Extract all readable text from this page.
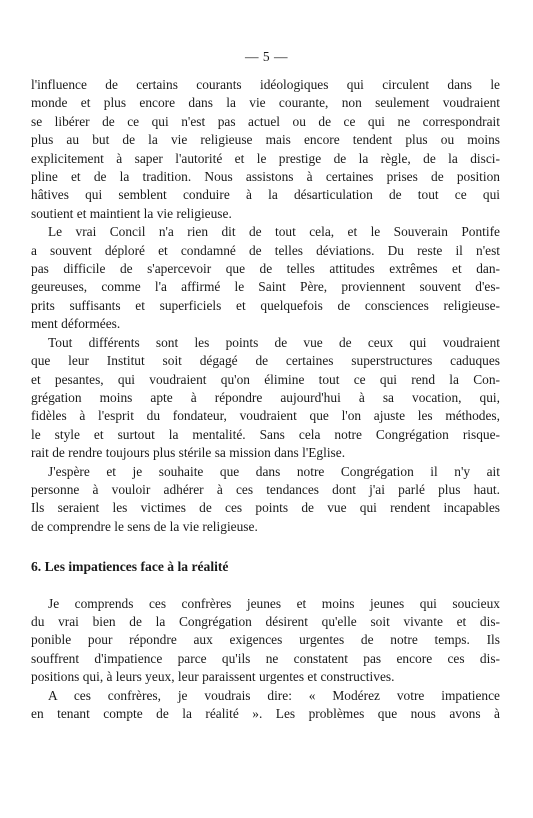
— 5 —

l'influence de certains courants idéologiques qui circulent dans le
monde et plus encore dans la vie courante, non seulement voudraient
se libérer de ce qui n'est pas actuel ou de ce qui ne correspondrait
plus au but de la vie religieuse mais encore tendent plus ou moins
explicitement à saper l'autorité et le prestige de la règle, de la disci-
pline et de la tradition. Nous assistons à certaines prises de position
hâtives qui semblent conduire à la désarticulation de tout ce qui
soutient et maintient la vie religieuse.

Le vrai Concil n'a rien dit de tout cela, et le Souverain Pontife
a souvent déploré et condamné de telles déviations. Du reste il n'est
pas difficile de s'apercevoir que de telles attitudes extrêmes et dan-
geureuses, comme l'a affirmé le Saint Père, proviennent souvent d'es-
prits suffisants et superficiels et quelquefois de consciences religieuse-
ment déformées.

Tout différents sont les points de vue de ceux qui voudraient
que leur Institut soit dégagé de certaines superstructures caduques
et pesantes, qui voudraient qu'on élimine tout ce qui rend la Con-
grégation moins apte à répondre aujourd'hui à sa vocation, qui,
fidèles à l'esprit du fondateur, voudraient que l'on ajuste les méthodes,
le style et surtout la mentalité. Sans cela notre Congrégation risque-
rait de rendre toujours plus stérile sa mission dans l'Eglise.

J'espère et je souhaite que dans notre Congrégation il n'y ait
personne à vouloir adhérer à ces tendances dont j'ai parlé plus haut.
Ils seraient les victimes de ces points de vue qui rendent incapables
de comprendre le sens de la vie religieuse.

6. Les impatiences face à la réalité

Je comprends ces confrères jeunes et moins jeunes qui soucieux
du vrai bien de la Congrégation désirent qu'elle soit vivante et dis-
ponible pour répondre aux exigences urgentes de notre temps. Ils
souffrent d'impatience parce qu'ils ne constatent pas encore ces dis-
positions qui, à leurs yeux, leur paraissent urgentes et constructives.

A ces confrères, je voudrais dire: « Modérez votre impatience
en tenant compte de la réalité ». Les problèmes que nous avons à
